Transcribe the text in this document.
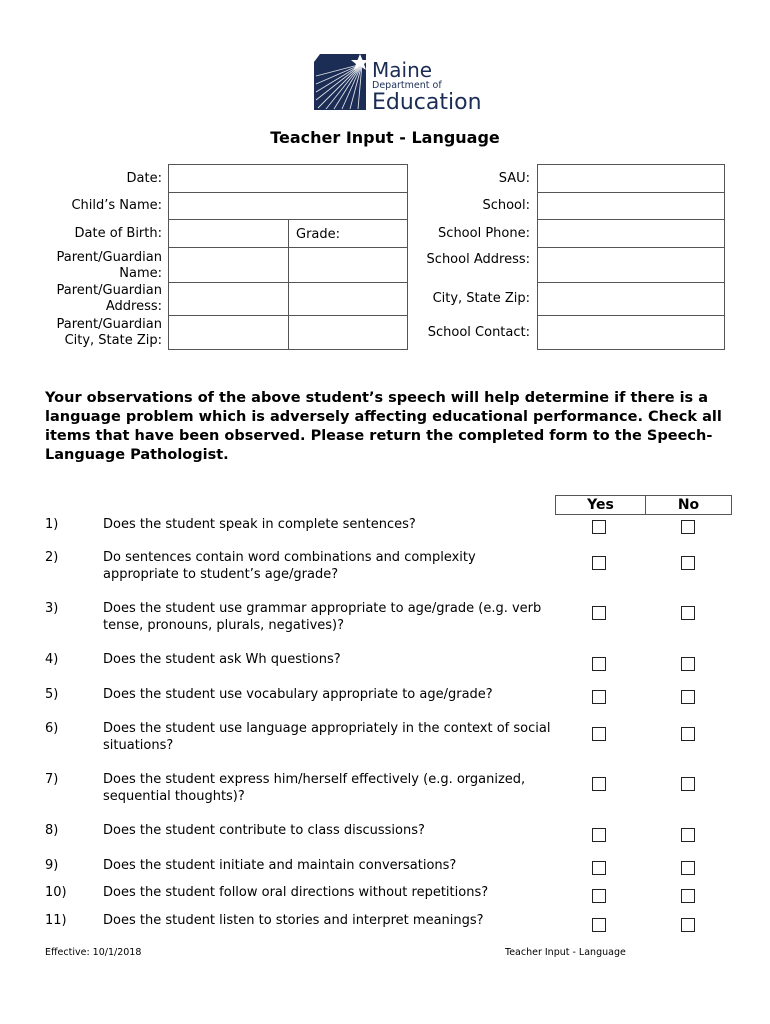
Maine
Department of
Education
Teacher Input - Language
Date:
Child’s Name:
Date of Birth:
Parent/Guardian
Name:
Parent/Guardian
Address:
Parent/Guardian
City, State Zip:
Grade:
SAU:
School:
School Phone:
School Address:
City, State Zip:
School Contact:
Your observations of the above student’s speech will help determine if there is a language problem which is adversely affecting educational performance. Check all items that have been observed. Please return the completed form to the Speech-Language Pathologist.
Yes	No
1)	Does the student speak in complete sentences?
2)	Do sentences contain word combinations and complexity appropriate to student’s age/grade?
3)	Does the student use grammar appropriate to age/grade (e.g. verb tense, pronouns, plurals, negatives)?
4)	Does the student ask Wh questions?
5)	Does the student use vocabulary appropriate to age/grade?
6)	Does the student use language appropriately in the context of social situations?
7)	Does the student express him/herself effectively (e.g. organized, sequential thoughts)?
8)	Does the student contribute to class discussions?
9)	Does the student initiate and maintain conversations?
10)	Does the student follow oral directions without repetitions?
11)	Does the student listen to stories and interpret meanings?
Effective: 10/1/2018	Teacher Input - Language
